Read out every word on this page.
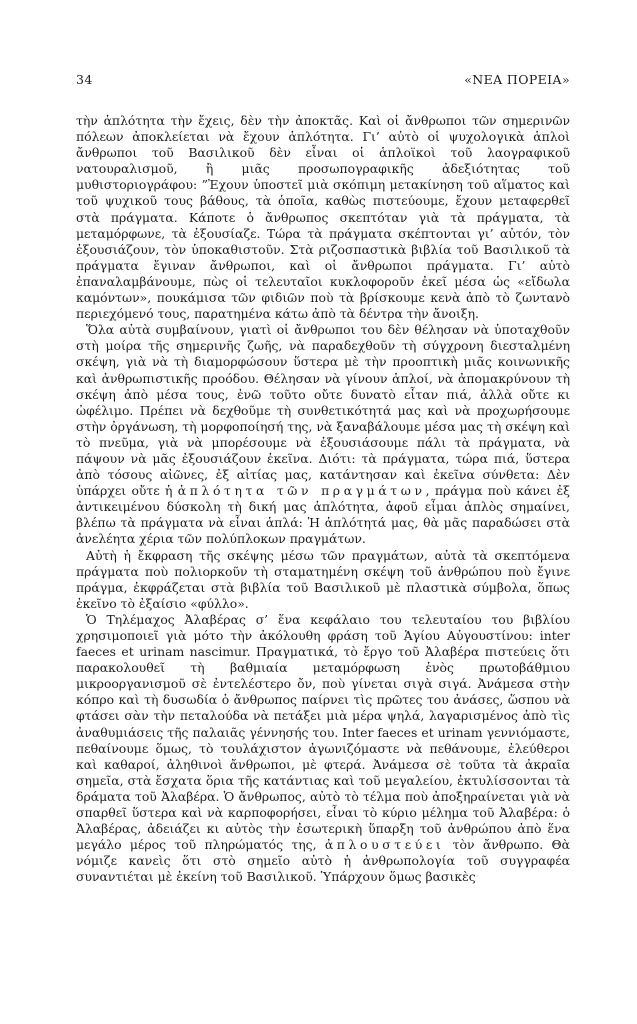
34	«ΝΕΑ ΠΟΡΕΙΑ»

τὴν ἁπλότητα τὴν ἔχεις, δὲν τὴν ἀποκτᾶς. Καὶ οἱ ἄνθρωποι τῶν σημερινῶν πόλεων ἀποκλείεται νὰ ἔχουν ἁπλότητα. Γι’ αὐτὸ οἱ ψυχολογικὰ ἁπλοὶ ἄνθρωποι τοῦ Βασιλικοῦ δὲν εἶναι οἱ ἁπλοϊκοὶ τοῦ λαογραφικοῦ νατουραλισμοῦ, ἢ μιᾶς προσωπογραφικῆς ἀδεξιότητας τοῦ μυθιστοριογράφου: ”Ἐχουν ὑποστεῖ μιὰ σκόπιμη μετακίνηση τοῦ αἵματος καὶ τοῦ ψυχικοῦ τους βάθους, τὰ ὁποῖα, καθὼς πιστεύουμε, ἔχουν μεταφερθεῖ στὰ πράγματα. Κάποτε ὁ ἄνθρωπος σκεπτόταν γιὰ τὰ πράγματα, τὰ μεταμόρφωνε, τὰ ἐξουσίαζε. Τώρα τὰ πράγματα σκέπτονται γι’ αὐτόν, τὸν ἐξουσιάζουν, τὸν ὑποκαθιστοῦν. Στὰ ριζοσπαστικὰ βιβλία τοῦ Βασιλικοῦ τὰ πράγματα ἔγιναν ἄνθρωποι, καὶ οἱ ἄνθρωποι πράγματα. Γι’ αὐτὸ ἐπαναλαμβάνουμε, πὼς οἱ τελευταῖοι κυκλοφοροῦν ἐκεῖ μέσα ὡς «εἴδωλα καμόντων», πουκάμισα τῶν φιδιῶν ποὺ τὰ βρίσκουμε κενὰ ἀπὸ τὸ ζωντανὸ περιεχόμενό τους, παρατημένα κάτω ἀπὸ τὰ δέντρα τὴν ἄνοιξη.

Ὅλα αὐτὰ συμβαίνουν, γιατὶ οἱ ἄνθρωποι του δὲν θέλησαν νὰ ὑποταχθοῦν στὴ μοίρα τῆς σημερινῆς ζωῆς, νὰ παραδεχθοῦν τὴ σύγχρονη διεσταλμένη σκέψη, γιὰ νὰ τὴ διαμορφώσουν ὕστερα μὲ τὴν προοπτικὴ μιᾶς κοινωνικῆς καὶ ἀνθρωπιστικῆς προόδου. Θέλησαν νὰ γίνουν ἁπλοί, νὰ ἀπομακρύνουν τὴ σκέψη ἀπὸ μέσα τους, ἐνῶ τοῦτο οὔτε δυνατὸ εἶταν πιά, ἀλλὰ οὔτε κι ὠφέλιμο. Πρέπει νὰ δεχθοῦμε τὴ συνθετικότητά μας καὶ νὰ προχωρήσουμε στὴν ὀργάνωση, τὴ μορφοποίησή της, νὰ ξαναβάλουμε μέσα μας τὴ σκέψη καὶ τὸ πνεῦμα, γιὰ νὰ μπορέσουμε νὰ ἐξουσιάσουμε πάλι τὰ πράγματα, νὰ πάψουν νὰ μᾶς ἐξουσιάζουν ἐκεῖνα. Διότι: τὰ πράγματα, τώρα πιά, ὕστερα ἀπὸ τόσους αἰῶνες, ἐξ αἰτίας μας, κατάντησαν καὶ ἐκεῖνα σύνθετα: Δὲν ὑπάρχει οὔτε ἡ ἁπλότητα τῶν πραγμάτων, πράγμα ποὺ κάνει ἐξ ἀντικειμένου δύσκολη τὴ δική μας ἁπλότητα, ἀφοῦ εἶμαι ἁπλὸς σημαίνει, βλέπω τὰ πράγματα νὰ εἶναι ἁπλά: Ἡ ἁπλότητά μας, θὰ μᾶς παραδώσει στὰ ἀνελέητα χέρια τῶν πολύπλοκων πραγμάτων.

Αὐτὴ ἡ ἔκφραση τῆς σκέψης μέσω τῶν πραγμάτων, αὐτὰ τὰ σκεπτόμενα πράγματα ποὺ πολιορκοῦν τὴ σταματημένη σκέψη τοῦ ἀνθρώπου ποὺ ἔγινε πράγμα, ἐκφράζεται στὰ βιβλία τοῦ Βασιλικοῦ μὲ πλαστικὰ σύμβολα, ὅπως ἐκεῖνο τὸ ἐξαίσιο «φύλλο».

Ὁ Τηλέμαχος Ἀλαβέρας σ’ ἕνα κεφάλαιο του τελευταίου του βιβλίου χρησιμοποιεῖ γιὰ μότο τὴν ἀκόλουθη φράση τοῦ Ἁγίου Αὐγουστίνου: inter faeces et urinam nascimur. Πραγματικά, τὸ ἔργο τοῦ Ἀλαβέρα πιστεύεις ὅτι παρακολουθεῖ τὴ βαθμιαία μεταμόρφωση ἑνὸς πρωτοβάθμιου μικροοργανισμοῦ σὲ ἐντελέστερο ὄν, ποὺ γίνεται σιγὰ σιγά. Ἀνάμεσα στὴν κόπρο καὶ τὴ δυσωδία ὁ ἄνθρωπος παίρνει τὶς πρῶτες του ἀνάσες, ὥσπου νὰ φτάσει σὰν τὴν πεταλούδα νὰ πετάξει μιὰ μέρα ψηλά, λαγαρισμένος ἀπὸ τὶς ἀναθυμιάσεις τῆς παλαιᾶς γέννησής του. Inter faeces et urinam γεννιόμαστε, πεθαίνουμε ὅμως, τὸ τουλάχιστον ἀγωνιζόμαστε νὰ πεθάνουμε, ἐλεύθεροι καὶ καθαροί, ἀληθινοὶ ἄνθρωποι, μὲ φτερά. Ἀνάμεσα σὲ τοῦτα τὰ ἀκραῖα σημεῖα, στὰ ἔσχατα ὅρια τῆς κατάντιας καὶ τοῦ μεγαλείου, ἐκτυλίσσονται τὰ δράματα τοῦ Ἀλαβέρα. Ὁ ἄνθρωπος, αὐτὸ τὸ τέλμα ποὺ ἀποξηραίνεται γιὰ νὰ σπαρθεῖ ὕστερα καὶ νὰ καρποφορήσει, εἶναι τὸ κύριο μέλημα τοῦ Ἀλαβέρα: ὁ Ἀλαβέρας, ἀδειάζει κι αὐτὸς τὴν ἐσωτερικὴ ὕπαρξη τοῦ ἀνθρώπου ἀπὸ ἕνα μεγάλο μέρος τοῦ πληρώματός της, ἀπλουστεύει τὸν ἄνθρωπο. Θὰ νόμιζε κανεὶς ὅτι στὸ σημεῖο αὐτὸ ἡ ἀνθρωπολογία τοῦ συγγραφέα συναντιέται μὲ ἐκείνη τοῦ Βασιλικοῦ. Ὑπάρχουν ὅμως βασικὲς
